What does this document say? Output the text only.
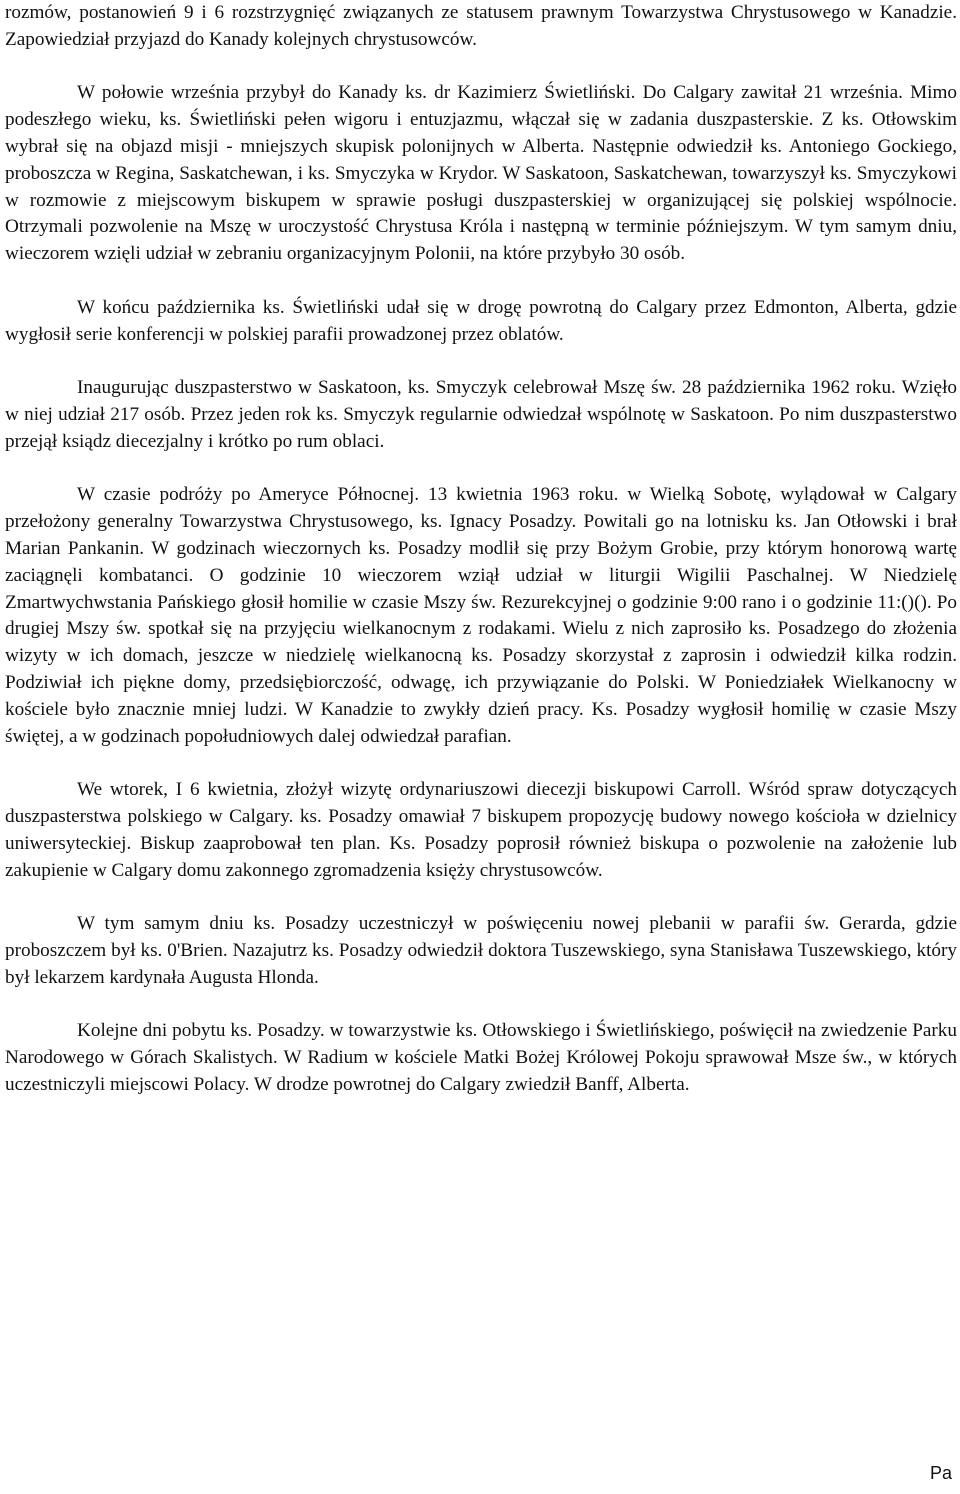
rozmów, postanowień 9 i 6 rozstrzygnięć związanych ze statusem prawnym Towarzystwa Chrystusowego w Kanadzie. Zapowiedział przyjazd do Kanady kolejnych chrystusowców.

W połowie września przybył do Kanady ks. dr Kazimierz Świetliński. Do Calgary zawitał 21 września. Mimo podeszłego wieku, ks. Świetliński pełen wigoru i entuzjazmu, włączał się w zadania duszpasterskie. Z ks. Otłowskim wybrał się na objazd misji - mniejszych skupisk polonijnych w Alberta. Następnie odwiedził ks. Antoniego Gockiego, proboszcza w Regina, Saskatchewan, i ks. Smyczyka w Krydor. W Saskatoon, Saskatchewan, towarzyszył ks. Smyczykowi w rozmowie z miejscowym biskupem w sprawie posługi duszpasterskiej w organizującej się polskiej wspólnocie. Otrzymali pozwolenie na Mszę w uroczystość Chrystusa Króla i następną w terminie późniejszym. W tym samym dniu, wieczorem wzięli udział w zebraniu organizacyjnym Polonii, na które przybyło 30 osób.

W końcu października ks. Świetliński udał się w drogę powrotną do Calgary przez Edmonton, Alberta, gdzie wygłosił serie konferencji w polskiej parafii prowadzonej przez oblatów.

Inaugurując duszpasterstwo w Saskatoon, ks. Smyczyk celebrował Mszę św. 28 października 1962 roku. Wzięło w niej udział 217 osób. Przez jeden rok ks. Smyczyk regularnie odwiedzał wspólnotę w Saskatoon. Po nim duszpasterstwo przejął ksiądz diecezjalny i krótko po rum oblaci.

W czasie podróży po Ameryce Północnej. 13 kwietnia 1963 roku. w Wielką Sobotę, wylądował w Calgary przełożony generalny Towarzystwa Chrystusowego, ks. Ignacy Posadzy. Powitali go na lotnisku ks. Jan Otłowski i brał Marian Pankanin. W godzinach wieczornych ks. Posadzy modlił się przy Bożym Grobie, przy którym honorową wartę zaciągnęli kombatanci. O godzinie 10 wieczorem wziął udział w liturgii Wigilii Paschalnej. W Niedzielę Zmartwychwstania Pańskiego głosił homilie w czasie Mszy św. Rezurekcyjnej o godzinie 9:00 rano i o godzinie 11:()(). Po drugiej Mszy św. spotkał się na przyjęciu wielkanocnym z rodakami. Wielu z nich zaprosiło ks. Posadzego do złożenia wizyty w ich domach, jeszcze w niedzielę wielkanocną ks. Posadzy skorzystał z zaprosin i odwiedził kilka rodzin. Podziwiał ich piękne domy, przedsiębiorczość, odwagę, ich przywiązanie do Polski. W Poniedziałek Wielkanocny w kościele było znacznie mniej ludzi. W Kanadzie to zwykły dzień pracy. Ks. Posadzy wygłosił homilię w czasie Mszy świętej, a w godzinach popołudniowych dalej odwiedzał parafian.

We wtorek, I 6 kwietnia, złożył wizytę ordynariuszowi diecezji biskupowi Carroll. Wśród spraw dotyczących duszpasterstwa polskiego w Calgary. ks. Posadzy omawiał 7 biskupem propozycję budowy nowego kościoła w dzielnicy uniwersyteckiej. Biskup zaaprobował ten plan. Ks. Posadzy poprosił również biskupa o pozwolenie na założenie lub zakupienie w Calgary domu zakonnego zgromadzenia księży chrystusowców.

W tym samym dniu ks. Posadzy uczestniczył w poświęceniu nowej plebanii w parafii św. Gerarda, gdzie proboszczem był ks. 0'Brien. Nazajutrz ks. Posadzy odwiedził doktora Tuszewskiego, syna Stanisława Tuszewskiego, który był lekarzem kardynała Augusta Hlonda.

Kolejne dni pobytu ks. Posadzy. w towarzystwie ks. Otłowskiego i Świetlińskiego, poświęcił na zwiedzenie Parku Narodowego w Górach Skalistych. W Radium w kościele Matki Bożej Królowej Pokoju sprawował Msze św., w których uczestniczyli miejscowi Polacy. W drodze powrotnej do Calgary zwiedził Banff, Alberta.

Pa
